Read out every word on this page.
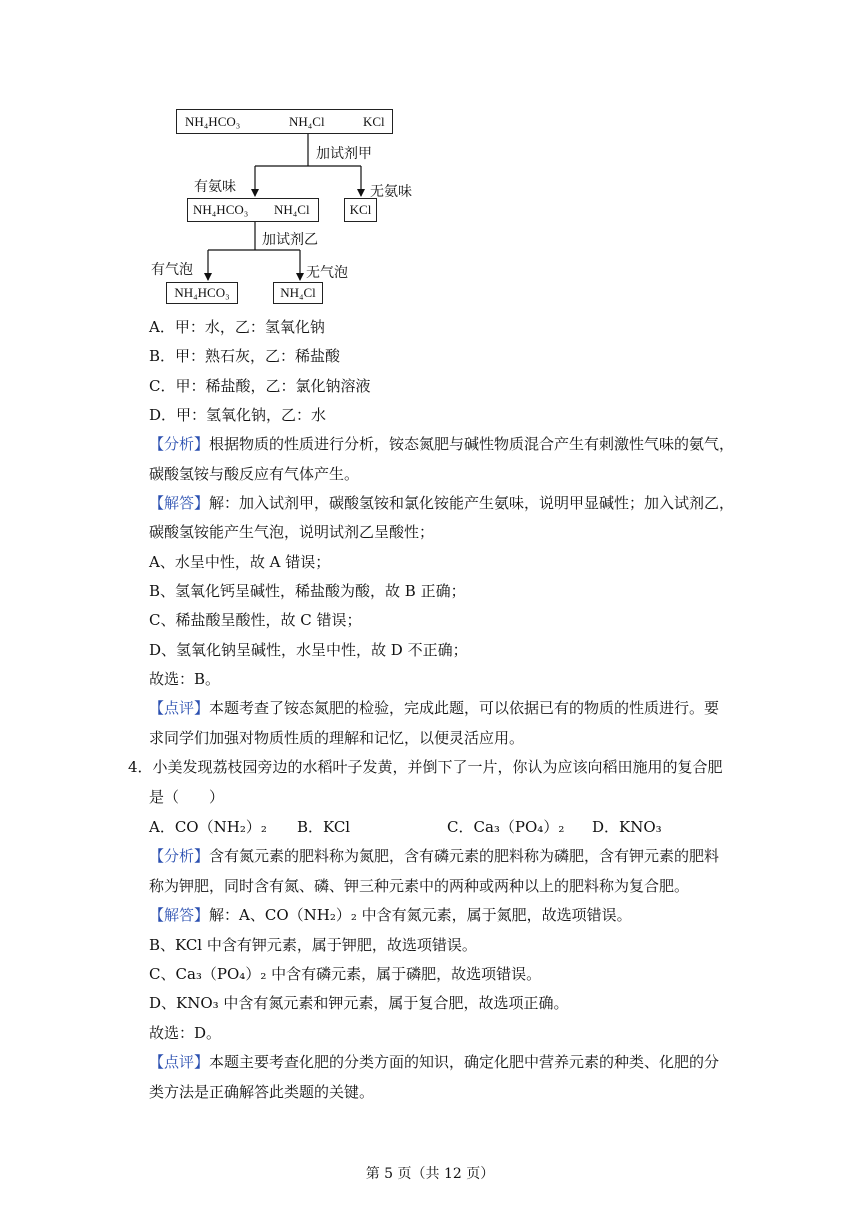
NH₄HCO₃	NH₄Cl	KCl
加试剂甲
有氨味	无氨味
NH₄HCO₃ NH₄Cl	KCl
加试剂乙
有气泡	无气泡
NH₄HCO₃	NH₄Cl
A．甲：水，乙：氢氧化钠
B．甲：熟石灰，乙：稀盐酸
C．甲：稀盐酸，乙：氯化钠溶液
D．甲：氢氧化钠，乙：水
【分析】根据物质的性质进行分析，铵态氮肥与碱性物质混合产生有刺激性气味的氨气，
碳酸氢铵与酸反应有气体产生。
【解答】解：加入试剂甲，碳酸氢铵和氯化铵能产生氨味，说明甲显碱性；加入试剂乙，
碳酸氢铵能产生气泡，说明试剂乙呈酸性；
A、水呈中性，故 A 错误；
B、氢氧化钙呈碱性，稀盐酸为酸，故 B 正确；
C、稀盐酸呈酸性，故 C 错误；
D、氢氧化钠呈碱性，水呈中性，故 D 不正确；
故选：B。
【点评】本题考查了铵态氮肥的检验，完成此题，可以依据已有的物质的性质进行。要
求同学们加强对物质性质的理解和记忆，以便灵活应用。
4．小美发现荔枝园旁边的水稻叶子发黄，并倒下了一片，你认为应该向稻田施用的复合肥
是（　　）
A．CO（NH₂）₂ B．KCl	C．Ca₃（PO₄）₂ D．KNO₃
【分析】含有氮元素的肥料称为氮肥，含有磷元素的肥料称为磷肥，含有钾元素的肥料
称为钾肥，同时含有氮、磷、钾三种元素中的两种或两种以上的肥料称为复合肥。
【解答】解：A、CO（NH₂）₂ 中含有氮元素，属于氮肥，故选项错误。
B、KCl 中含有钾元素，属于钾肥，故选项错误。
C、Ca₃（PO₄）₂ 中含有磷元素，属于磷肥，故选项错误。
D、KNO₃ 中含有氮元素和钾元素，属于复合肥，故选项正确。
故选：D。
【点评】本题主要考查化肥的分类方面的知识，确定化肥中营养元素的种类、化肥的分
类方法是正确解答此类题的关键。
第 5 页（共 12 页）
